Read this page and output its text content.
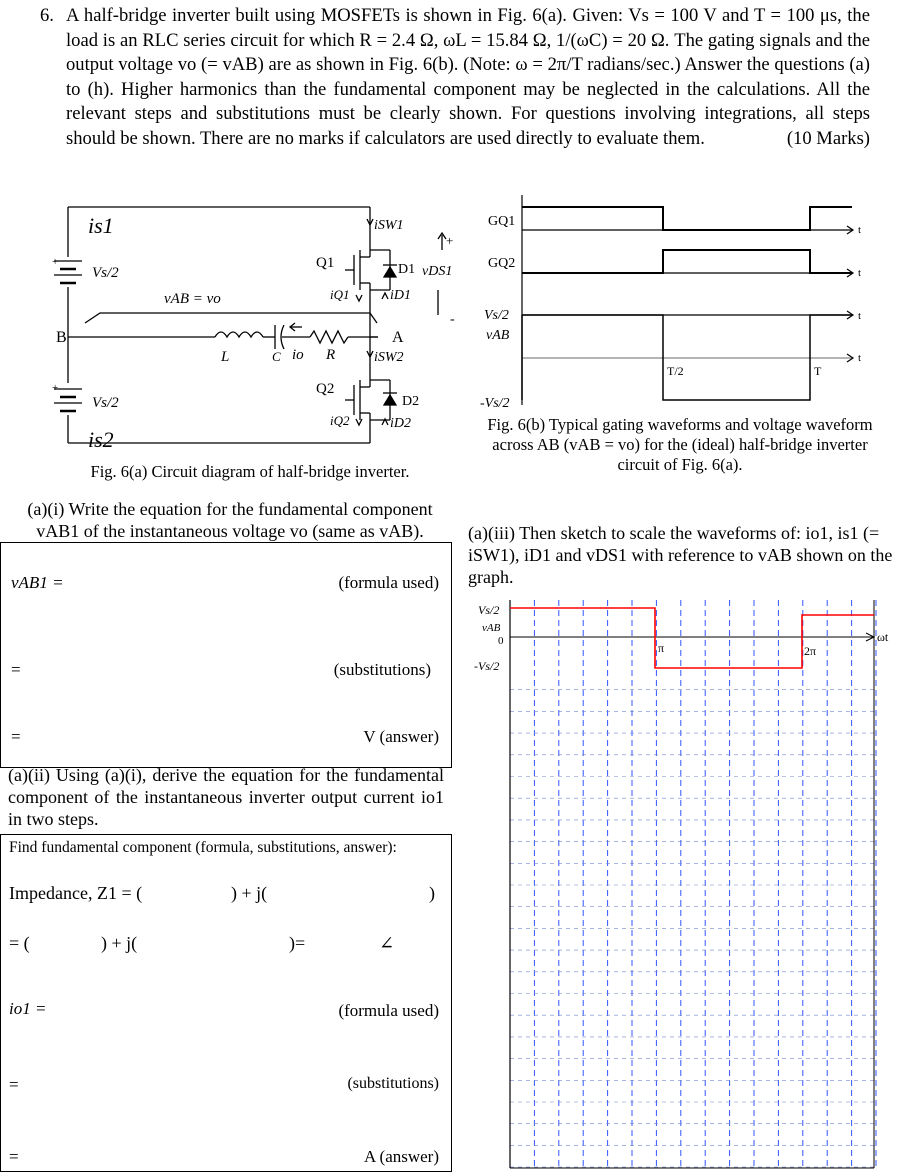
6. A half-bridge inverter built using MOSFETs is shown in Fig. 6(a). Given: Vs = 100 V and T = 100 μs, the load is an RLC series circuit for which R = 2.4 Ω, ωL = 15.84 Ω, 1/(ωC) = 20 Ω. The gating signals and the output voltage vo (= vAB) are as shown in Fig. 6(b). (Note: ω = 2π/T radians/sec.) Answer the questions (a) to (h). Higher harmonics than the fundamental component may be neglected in the calculations. All the relevant steps and substitutions must be clearly shown. For questions involving integrations, all steps should be shown. There are no marks if calculators are used directly to evaluate them.	(10 Marks)
is1
is2
+
+
Vs/2
Vs/2
vAB = vo
B
L	C io R
Q1
Q2
D1
D2
iSW1
iSW2
iQ1
iQ2
iD1
iD2
vDS1
+
-
A
Fig. 6(a) Circuit diagram of half-bridge inverter.
GQ1
GQ2
Vs/2
vAB
-Vs/2
t
t
t
t
T/2	T
Fig. 6(b) Typical gating waveforms and voltage waveform across AB (vAB = vo) for the (ideal) half-bridge inverter circuit of Fig. 6(a).
(a)(i) Write the equation for the fundamental component vAB1 of the instantaneous voltage vo (same as vAB).
vAB1 =	(formula used)
=	(substitutions)
=	V (answer)
(a)(ii) Using (a)(i), derive the equation for the fundamental component of the instantaneous inverter output current io1 in two steps.
Find fundamental component (formula, substitutions, answer):
Impedance, Z1 = (	) + j(	)
= (	) + j(	)=	∠
io1 =	(formula used)
=	(substitutions)
=	A (answer)
(a)(iii) Then sketch to scale the waveforms of: io1, is1 (= iSW1), iD1 and vDS1 with reference to vAB shown on the graph.
Vs/2
vAB
0
-Vs/2
π	2π
ωt
